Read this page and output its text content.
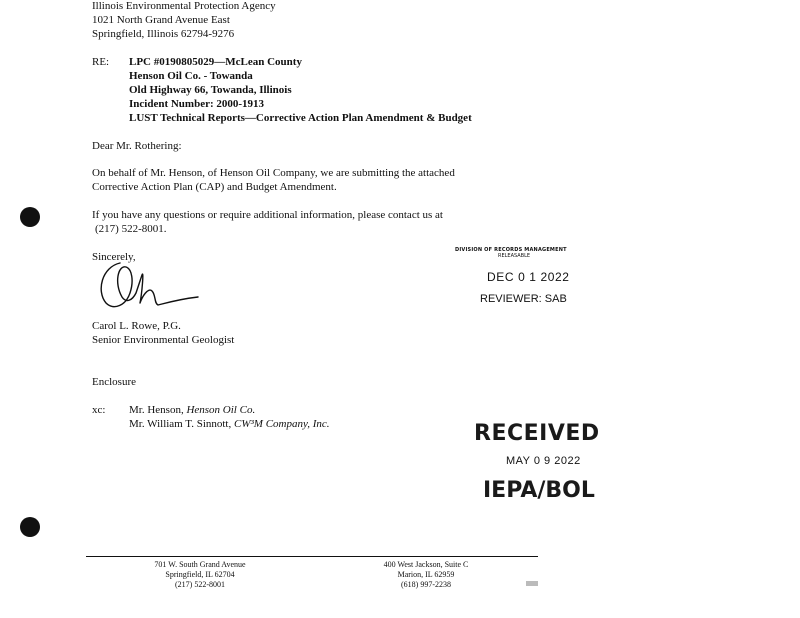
Illinois Environmental Protection Agency
1021 North Grand Avenue East
Springfield, Illinois 62794-9276
RE: LPC #0190805029—McLean County
Henson Oil Co. - Towanda
Old Highway 66, Towanda, Illinois
Incident Number: 2000-1913
LUST Technical Reports—Corrective Action Plan Amendment & Budget
Dear Mr. Rothering:
On behalf of Mr. Henson, of Henson Oil Company, we are submitting the attached
Corrective Action Plan (CAP) and Budget Amendment.
If you have any questions or require additional information, please contact us at
(217) 522-8001.
Sincerely,
Carol L. Rowe, P.G.
Senior Environmental Geologist
Enclosure
xc: Mr. Henson, Henson Oil Co.
Mr. William T. Sinnott, CW³M Company, Inc.
DIVISION OF RECORDS MANAGEMENT
RELEASABLE
DEC 0 1 2022
REVIEWER: SAB
RECEIVED
MAY 0 9 2022
IEPA/BOL
701 W. South Grand Avenue
Springfield, IL 62704
(217) 522-8001
400 West Jackson, Suite C
Marion, IL 62959
(618) 997-2238
